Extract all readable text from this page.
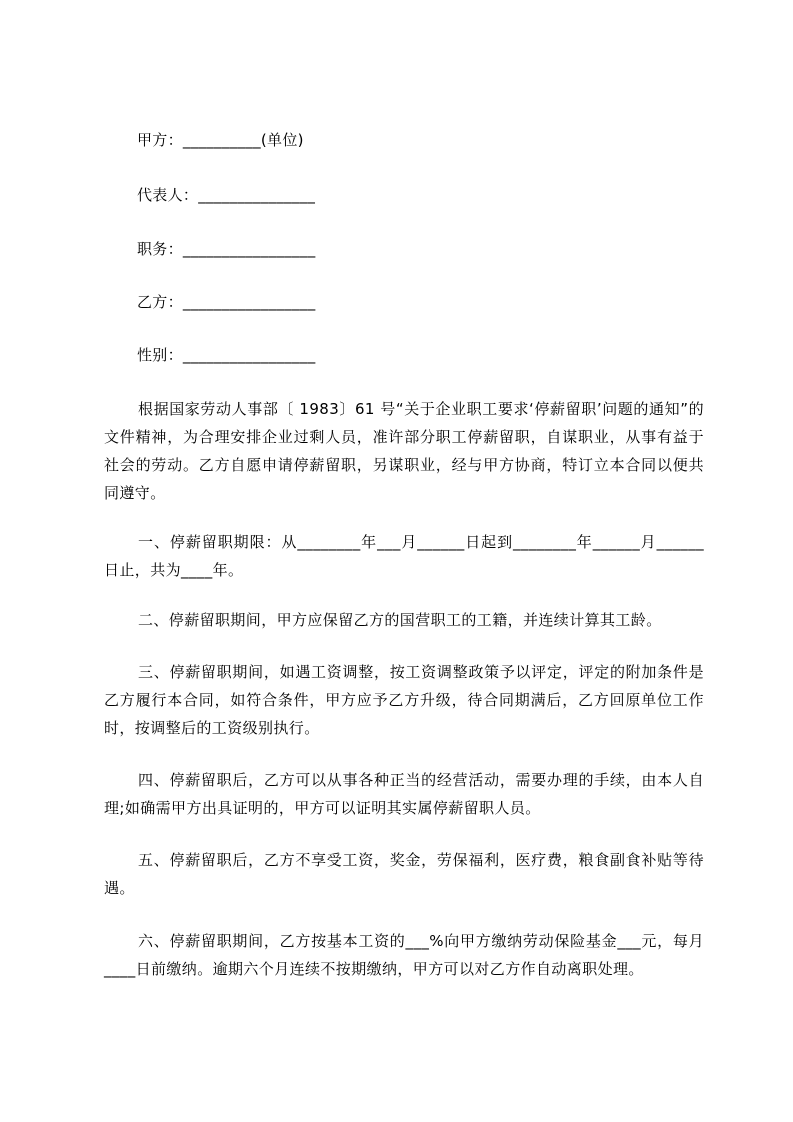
甲方：__________(单位)
代表人：_______________
职务：_________________
乙方：_________________
性别：_________________
根据国家劳动人事部〔 1983〕61 号“关于企业职工要求‘停薪留职’问题的通知”的文件精神，为合理安排企业过剩人员，准许部分职工停薪留职，自谋职业，从事有益于社会的劳动。乙方自愿申请停薪留职，另谋职业，经与甲方协商，特订立本合同以便共同遵守。
一、停薪留职期限：从________年___月______日起到________年______月______日止，共为____年。
二、停薪留职期间，甲方应保留乙方的国营职工的工籍，并连续计算其工龄。
三、停薪留职期间，如遇工资调整，按工资调整政策予以评定，评定的附加条件是乙方履行本合同，如符合条件，甲方应予乙方升级，待合同期满后，乙方回原单位工作时，按调整后的工资级别执行。
四、停薪留职后，乙方可以从事各种正当的经营活动，需要办理的手续，由本人自理;如确需甲方出具证明的，甲方可以证明其实属停薪留职人员。
五、停薪留职后，乙方不享受工资，奖金，劳保福利，医疗费，粮食副食补贴等待遇。
六、停薪留职期间，乙方按基本工资的___%向甲方缴纳劳动保险基金___元，每月____日前缴纳。逾期六个月连续不按期缴纳，甲方可以对乙方作自动离职处理。
